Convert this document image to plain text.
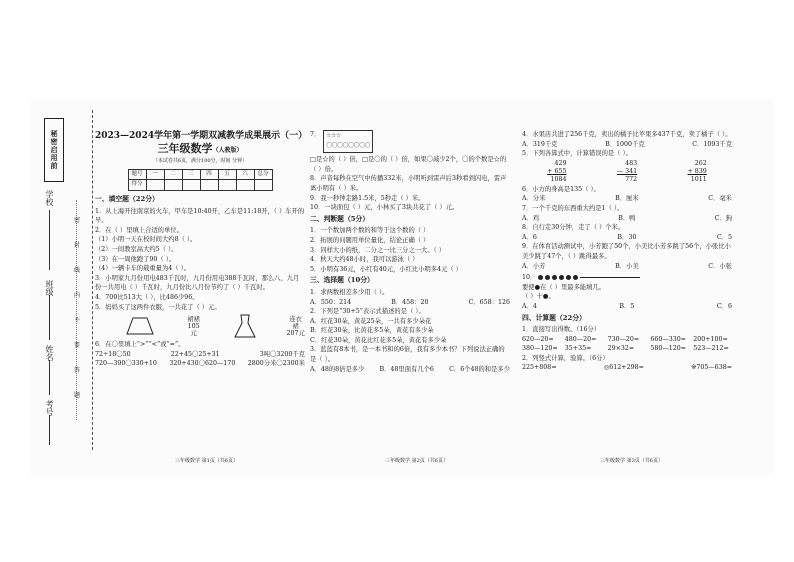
秘密启用前
学校
班级
姓名
考号
密
封
线
内
不
要
答
题
2023—2024学年第一学期双减教学成果展示（一）
三年级数学（人教版）
（本试卷共6页，满分100分，时间 分钟）
题号	一	二	三	四	五	六	总分
得分							
一、填空题（22分）
1．从上海开往南京的火车，甲车是10:40开，乙车是11:18开，（ ）车开的早。
2．在（ ）里填上合适的单位。
（1）小明一天在校时间大约8（ ）。
（2）一间教室高大约5（ ）。
（3）在一周他跑了90（ ）。
（4）一辆卡车的载重量为4（ ）。
3．小明家九月份用电483千瓦时，九月份用电388千瓦时，那么八、九月份一共用电（ ）千瓦时，九月份比八月份节约了（ ）千瓦时。
4．700比513大（ ），比486少96。
5．妈妈买了这两件衣服，一共花了（ ）元。
裙裙
105元
连衣裙
207元
6．在〇里填上“>”“<”或“=”。
72÷18〇50	22+45〇25+31	3吨〇3200千克
720—390〇330+10 320+430〇620—170 2800分米〇2300米
三年级数学 第1页（共6页）
7． ☆☆☆
〇〇〇〇〇〇〇〇
□是☆的（ ）倍，□是〇的（ ）倍，如果〇减少2个，〇的个数是☆的（ ）倍。
8．声音每秒在空气中传播332米，小明听到雷声后3秒看到闪电，雷声离小明有（ ）米。
9．我一秒钟走路1.5米，5秒走（ ）米。
10．一块面包（ ）元，小林买了3块共花了（ ）元。
二、判断题（5分）
1．一个数加两个数的和等于这个数的（ ）
2．拓展的问题用单位量化，结论正确（ ）
3．同样大小的纸，二分之一比三分之一大。（ ）
4．秋天大约48小时，我可以游泳（ ）
5．小明有36元，小红有40元，小红比小明多4元（ ）
三、选择题（10分）
1．求两数相差多少用（ ）。
A．550：214	B．458：20	C．658：126
2．下列是“30+5”表示式描述的是（ ）。
A．红花30朵，黄花25朵，一共有多少朵花
B．红花30朵，比黄花多5朵，黄花有多少朵
C．红花30朵，黄花比红花多5朵，黄花有多少朵
3．蓝蓝有8本书，是一本书和的6倍，我有多少本书？下列说法正确的是（ ）。
A．48的8倍是多少 B．48里面有几个6 C．6个48的和是多少
三年级数学 第2页（共6页）
4．水果店共进了256千克，卖出的橘子比苹果多437千克，卖了橘子（ ）。
A．319千克	B．1000千克	C．1093千克
5．下列各算式中，计算错误的是（ ）。
429
+ 655
1084
483
— 341
772
262
+ 839
1011
6．小方的身高是135（ ）。
A．分米	B．厘米	C．毫米
7．一个千克的东西重大约是1（ ）。
A．鸡	B．鸭	C．狗
8．自行走30分钟，走了（ ）个米。
A．6	B．30	C．5
9．在体育活动测试中，小芳跑了50个，小美比小芳多跳了56个，小张比小美少跳了47个，（ ）跳得最多。
A．小芳	B．小美	C．小张
10．
要使●在（ ）里最多能填几。
（ ）十●。
A．4	B．5	C．6
四、计算题（22分）
1．直接写出得数。（16分）
620—20=	480—20=	730—20=	660—330=	200+100=
380—120=	35+35=	29×32=	580—120=	523—212=
2．列竖式计算，验算。（6分）
225+808=	◎612+298=	※705—638=
三年级数学 第3页（共6页）
